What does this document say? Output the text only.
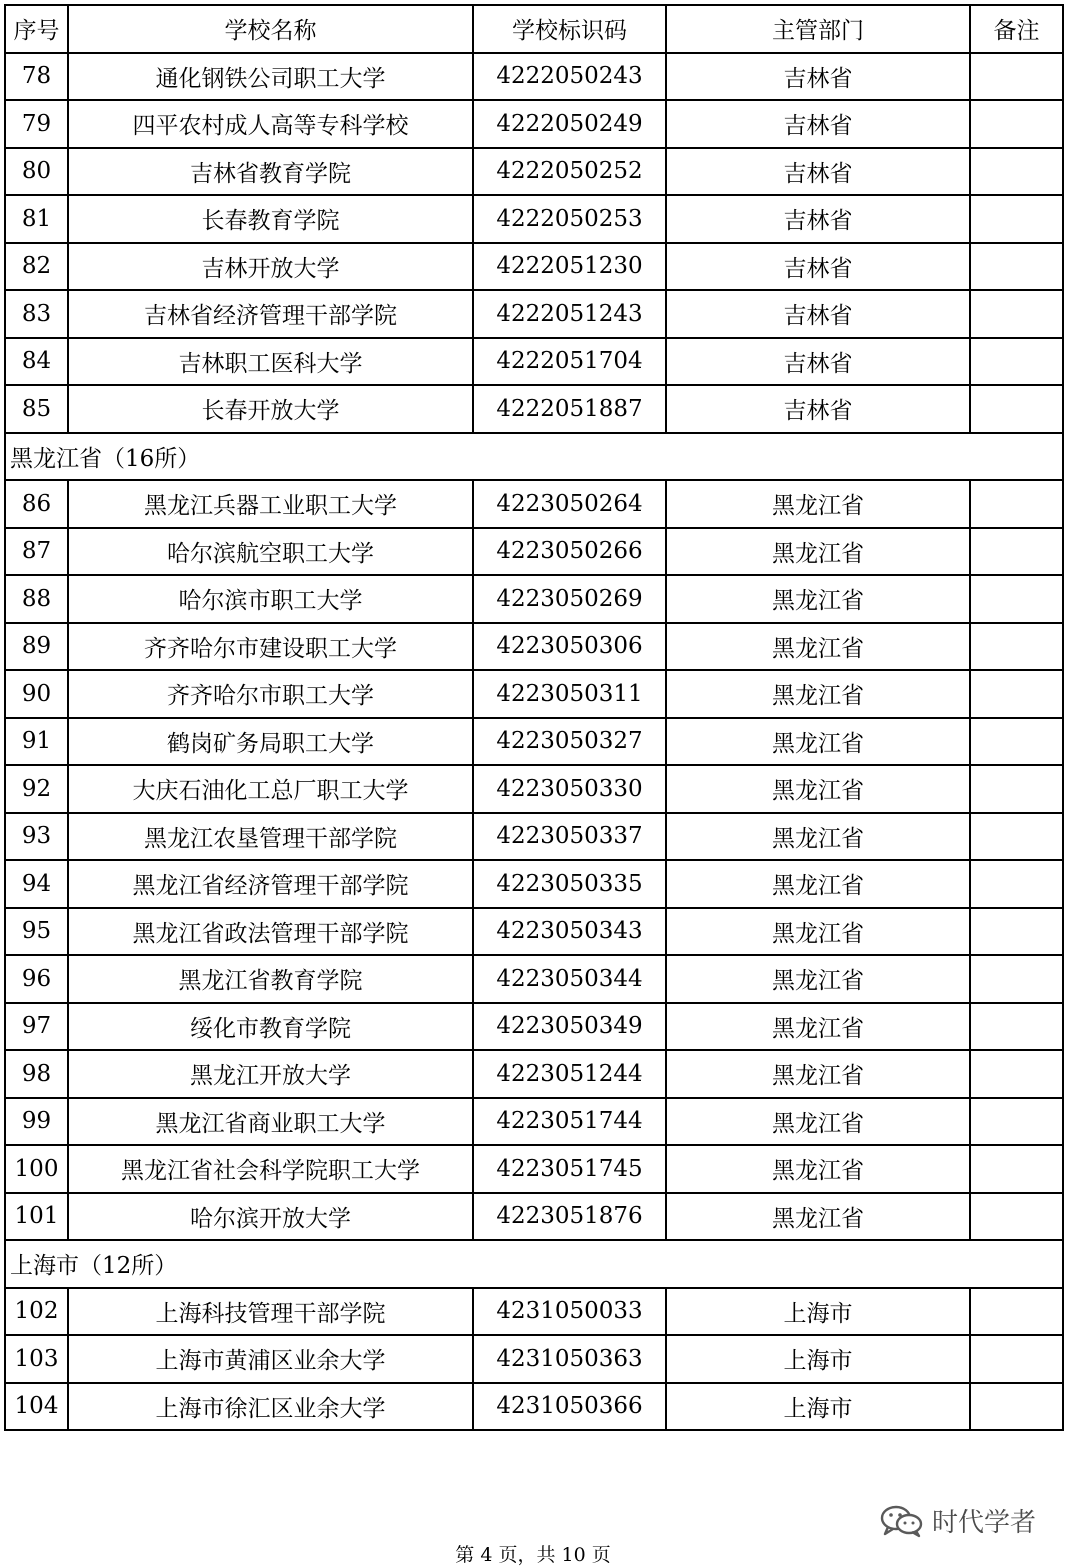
序号	学校名称	学校标识码	主管部门	备注
78	通化钢铁公司职工大学	4222050243	吉林省	
79	四平农村成人高等专科学校	4222050249	吉林省	
80	吉林省教育学院	4222050252	吉林省	
81	长春教育学院	4222050253	吉林省	
82	吉林开放大学	4222051230	吉林省	
83	吉林省经济管理干部学院	4222051243	吉林省	
84	吉林职工医科大学	4222051704	吉林省	
85	长春开放大学	4222051887	吉林省	
黑龙江省（16所）				
86	黑龙江兵器工业职工大学	4223050264	黑龙江省	
87	哈尔滨航空职工大学	4223050266	黑龙江省	
88	哈尔滨市职工大学	4223050269	黑龙江省	
89	齐齐哈尔市建设职工大学	4223050306	黑龙江省	
90	齐齐哈尔市职工大学	4223050311	黑龙江省	
91	鹤岗矿务局职工大学	4223050327	黑龙江省	
92	大庆石油化工总厂职工大学	4223050330	黑龙江省	
93	黑龙江农垦管理干部学院	4223050337	黑龙江省	
94	黑龙江省经济管理干部学院	4223050335	黑龙江省	
95	黑龙江省政法管理干部学院	4223050343	黑龙江省	
96	黑龙江省教育学院	4223050344	黑龙江省	
97	绥化市教育学院	4223050349	黑龙江省	
98	黑龙江开放大学	4223051244	黑龙江省	
99	黑龙江省商业职工大学	4223051744	黑龙江省	
100	黑龙江省社会科学院职工大学	4223051745	黑龙江省	
101	哈尔滨开放大学	4223051876	黑龙江省	
上海市（12所）				
102	上海科技管理干部学院	4231050033	上海市	
103	上海市黄浦区业余大学	4231050363	上海市	
104	上海市徐汇区业余大学	4231050366	上海市	
时代学者
第 4 页，共 10 页
